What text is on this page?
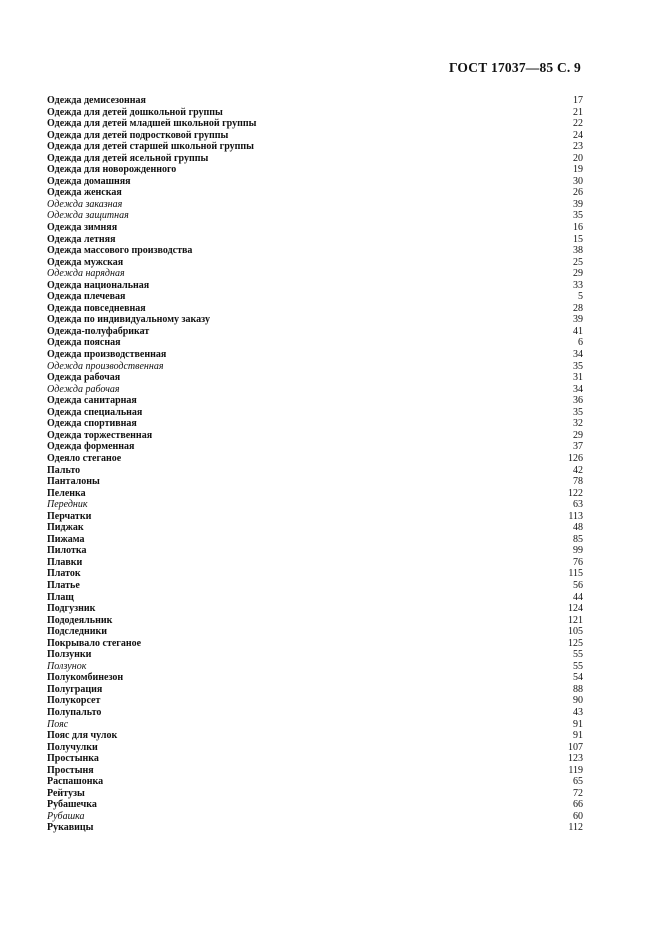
ГОСТ 17037—85 С. 9
Одежда демисезонная	17
Одежда для детей дошкольной группы	21
Одежда для детей младшей школьной группы	22
Одежда для детей подростковой группы	24
Одежда для детей старшей школьной группы	23
Одежда для детей ясельной группы	20
Одежда для новорожденного	19
Одежда домашняя	30
Одежда женская	26
Одежда заказная	39
Одежда защитная	35
Одежда зимняя	16
Одежда летняя	15
Одежда массового производства	38
Одежда мужская	25
Одежда нарядная	29
Одежда национальная	33
Одежда плечевая	5
Одежда повседневная	28
Одежда по индивидуальному заказу	39
Одежда-полуфабрикат	41
Одежда поясная	6
Одежда производственная	34
Одежда производственная	35
Одежда рабочая	31
Одежда рабочая	34
Одежда санитарная	36
Одежда специальная	35
Одежда спортивная	32
Одежда торжественная	29
Одежда форменная	37
Одеяло стеганое	126
Пальто	42
Панталоны	78
Пеленка	122
Передник	63
Перчатки	113
Пиджак	48
Пижама	85
Пилотка	99
Плавки	76
Платок	115
Платье	56
Плащ	44
Подгузник	124
Пододеяльник	121
Подследники	105
Покрывало стеганое	125
Ползунки	55
Ползунок	55
Полукомбинезон	54
Полуграция	88
Полукорсет	90
Полупальто	43
Пояс	91
Пояс для чулок	91
Получулки	107
Простынка	123
Простыня	119
Распашонка	65
Рейтузы	72
Рубашечка	66
Рубашка	60
Рукавицы	112
